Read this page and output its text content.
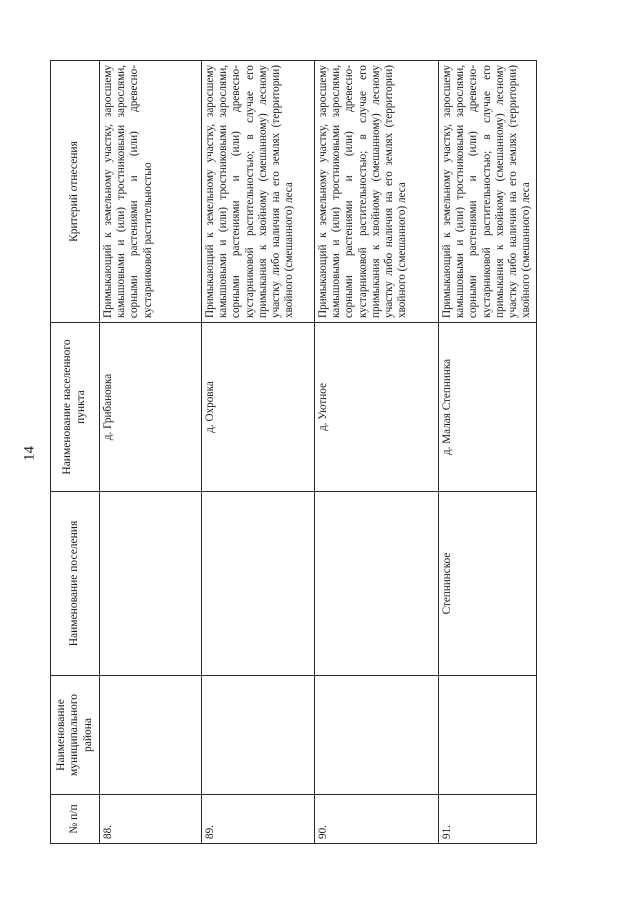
14
№ п/п	Наименование муниципального района	Наименование поселения	Наименование населенного пункта	Критерий отнесения
88.			д. Грибановка	Примыкающий к земельному участку, заросшему камышовыми и (или) тростниковыми зарослями, сорными растениями и (или) древесно-кустарниковой растительностью
89.			д. Охровка	Примыкающий к земельному участку, заросшему камышовыми и (или) тростниковыми зарослями, сорными растениями и (или) древесно-кустарниковой растительностью; в случае его примыкания к хвойному (смешанному) лесному участку либо наличия на его землях (территории) хвойного (смешанного) леса
90.			д. Уютное	Примыкающий к земельному участку, заросшему камышовыми и (или) тростниковыми зарослями, сорными растениями и (или) древесно-кустарниковой растительностью; в случае его примыкания к хвойному (смешанному) лесному участку либо наличия на его землях (территории) хвойного (смешанного) леса
91.		Степнинское	д. Малая Степнинка	Примыкающий к земельному участку, заросшему камышовыми и (или) тростниковыми зарослями, сорными растениями и (или) древесно-кустарниковой растительностью; в случае его примыкания к хвойному (смешанному) лесному участку либо наличия на его землях (территории) хвойного (смешанного) леса
